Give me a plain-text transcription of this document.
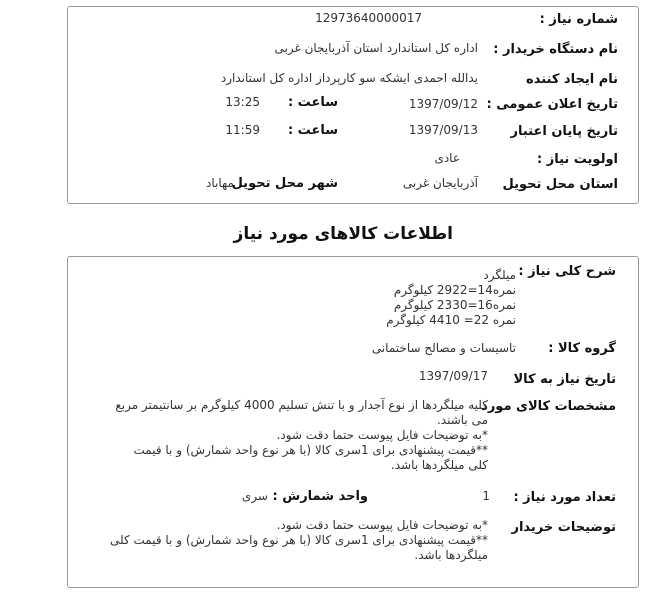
شماره نیاز :
12973640000017
نام دستگاه خریدار :
اداره کل استاندارد استان آذربایجان غربی
نام ایجاد کننده
یدالله احمدی ایشکه سو کارپرداز اداره کل استاندارد
تاریخ اعلان عمومی :
1397/09/12
ساعت :
13:25
تاریخ پایان اعتبار
1397/09/13
ساعت :
11:59
اولویت نیاز :
عادی
استان محل تحویل
آذربایجان غربی
شهر محل تحویل
مهاباد
اطلاعات کالاهای مورد نیاز
شرح کلی نیاز :
میلگرد
نمره14=2922 کیلوگرم
نمره16=2330 کیلوگرم
نمره 22= 4410 کیلوگرم
گروه کالا :
تاسیسات و مصالح ساختمانی
تاریخ نیاز به کالا
1397/09/17
مشخصات کالای مورد
کلیه میلگردها از نوع آجدار و با تنش تسلیم 4000 کیلوگرم بر سانتیمتر مربع
می باشند.
*به توضیحات فایل پیوست حتما دقت شود.
**قیمت پیشنهادی برای 1سری کالا (با هر نوع واحد شمارش) و با قیمت
کلی میلگردها باشد.
تعداد مورد نیاز :
1
واحد شمارش :
سری
توضیحات خریدار
*به توضیحات فایل پیوست حتما دقت شود.
**قیمت پیشنهادی برای 1سری کالا (با هر نوع واحد شمارش) و با قیمت کلی
میلگردها باشد.
